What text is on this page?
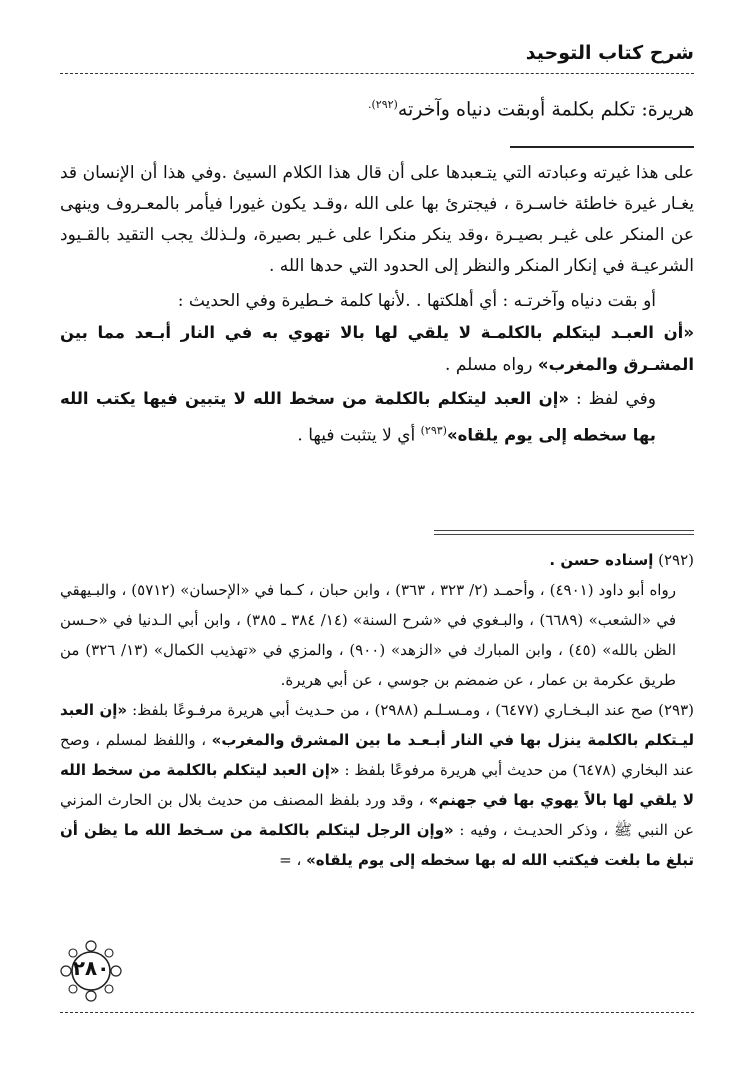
شرح كتاب التوحيد
هريرة: تكلم بكلمة أوبقت دنياه وآخرته$^{(٢٩٢).}$

على هذا غيرته وعبادته التي يتـعبدها على أن قال هذا الكلام السيئ .وفي هذا أن الإنسان قد يغـار غيرة خاطئة خاسـرة ، فيجترئ بها على الله ،وقـد يكون غيورا فيأمر بالمعـروف وينهى عن المنكر على غيـر بصيـرة ،وقد ينكر منكرا على غـير بصيرة، ولـذلك يجب التقيد بالقـيود الشرعيـة في إنكار المنكر والنظر إلى الحدود التي حدها الله .

أو بقت دنياه وآخرتـه : أي أهلكتها . .لأنها كلمة خـطيرة وفي الحديث :

«أن العبـد ليتكلم بالكلمـة لا يلقي لها بالا تهوي به في النار أبـعد مما بين المشـرق والمغرب» رواه مسلم .

وفي لفظ : «إن العبد ليتكلم بالكلمة من سخط الله لا يتبين فيها يكتب الله بها سخطه إلى يوم يلقاه»$^{(٢٩٣)}$ أي لا يتثبت فيها .

(٢٩٢) إسناده حسن .

رواه أبو داود (٤٩٠١) ، وأحمـد (٢/ ٣٢٣ ، ٣٦٣) ، وابن حبان ، كـما في «الإحسان» (٥٧١٢) ، والبـيهقي في «الشعب» (٦٦٨٩) ، والبـغوي في «شرح السنة» (١٤/ ٣٨٤ ـ ٣٨٥) ، وابن أبي الـدنيا في «حـسن الظن بالله» (٤٥) ، وابن المبارك في «الزهد» (٩٠٠) ، والمزي في «تهذيب الكمال» (١٣/ ٣٢٦) من طريق عكرمة بن عمار ، عن ضمضم بن جوسي ، عن أبي هريرة.

(٢٩٣) صح عند البـخـاري (٦٤٧٧) ، ومـسـلـم (٢٩٨٨) ، من حـديث أبي هريرة مرفـوعًا بلفظ: «إن العبد ليـتكلم بالكلمة ينزل بها في النار أبـعـد ما بين المشرق والمغرب» ، واللفظ لمسلم ، وصح عند البخاري (٦٤٧٨) من حديث أبي هريرة مرفوعًا بلفظ : «إن العبد ليتكلم بالكلمة من سخط الله لا يلقي لها بالاً يهوي بها في جهنم» ، وقد ورد بلفظ المصنف من حديث بلال بن الحارث المزني عن النبي ﷺ ، وذكر الحديـث ، وفيه : «وإن الرجل ليتكلم بالكلمة من سـخط الله ما يظن أن تبلغ ما بلغت فيكتب الله له بها سخطه إلى يوم يلقاه» ، =

٢٨٠
